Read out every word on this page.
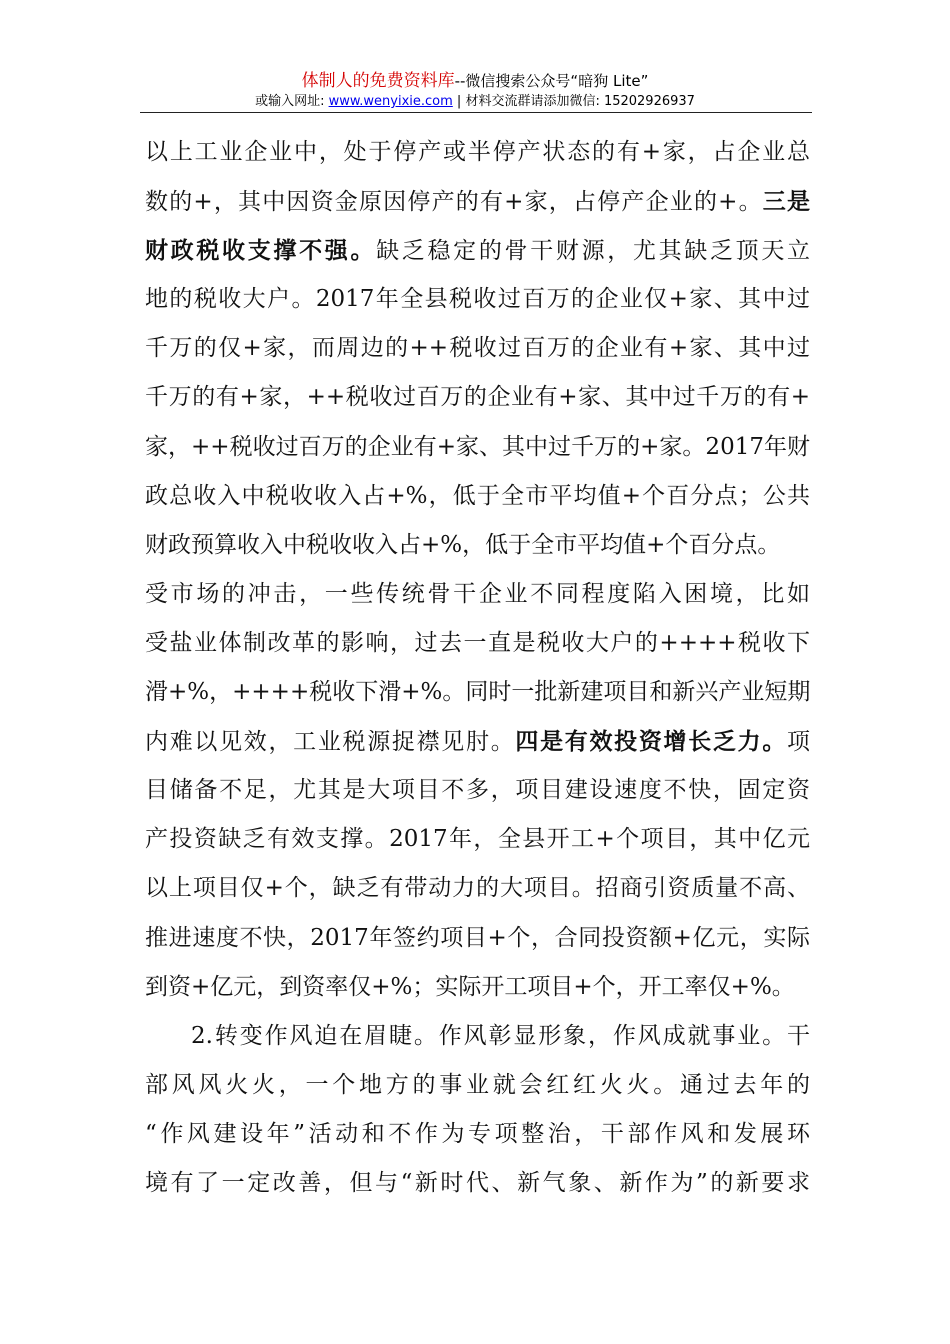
体制人的免费资料库--微信搜索公众号“暗狗 Lite”
或输入网址: www.wenyixie.com | 材料交流群请添加微信: 15202926937
以上工业企业中，处于停产或半停产状态的有+家，占企业总
数的+，其中因资金原因停产的有+家，占停产企业的+。三是
财政税收支撑不强。缺乏稳定的骨干财源，尤其缺乏顶天立
地的税收大户。2017年全县税收过百万的企业仅+家、其中过
千万的仅+家，而周边的++税收过百万的企业有+家、其中过
千万的有+家，++税收过百万的企业有+家、其中过千万的有+
家，++税收过百万的企业有+家、其中过千万的+家。2017年财
政总收入中税收收入占+%，低于全市平均值+个百分点；公共
财政预算收入中税收收入占+%，低于全市平均值+个百分点。
受市场的冲击，一些传统骨干企业不同程度陷入困境，比如
受盐业体制改革的影响，过去一直是税收大户的++++税收下
滑+%，++++税收下滑+%。同时一批新建项目和新兴产业短期
内难以见效，工业税源捉襟见肘。四是有效投资增长乏力。项
目储备不足，尤其是大项目不多，项目建设速度不快，固定资
产投资缺乏有效支撑。2017年，全县开工+个项目，其中亿元
以上项目仅+个，缺乏有带动力的大项目。招商引资质量不高、
推进速度不快，2017年签约项目+个，合同投资额+亿元，实际
到资+亿元，到资率仅+%；实际开工项目+个，开工率仅+%。
2.转变作风迫在眉睫。作风彰显形象，作风成就事业。干
部风风火火，一个地方的事业就会红红火火。通过去年的
“作风建设年”活动和不作为专项整治，干部作风和发展环
境有了一定改善，但与“新时代、新气象、新作为”的新要求
